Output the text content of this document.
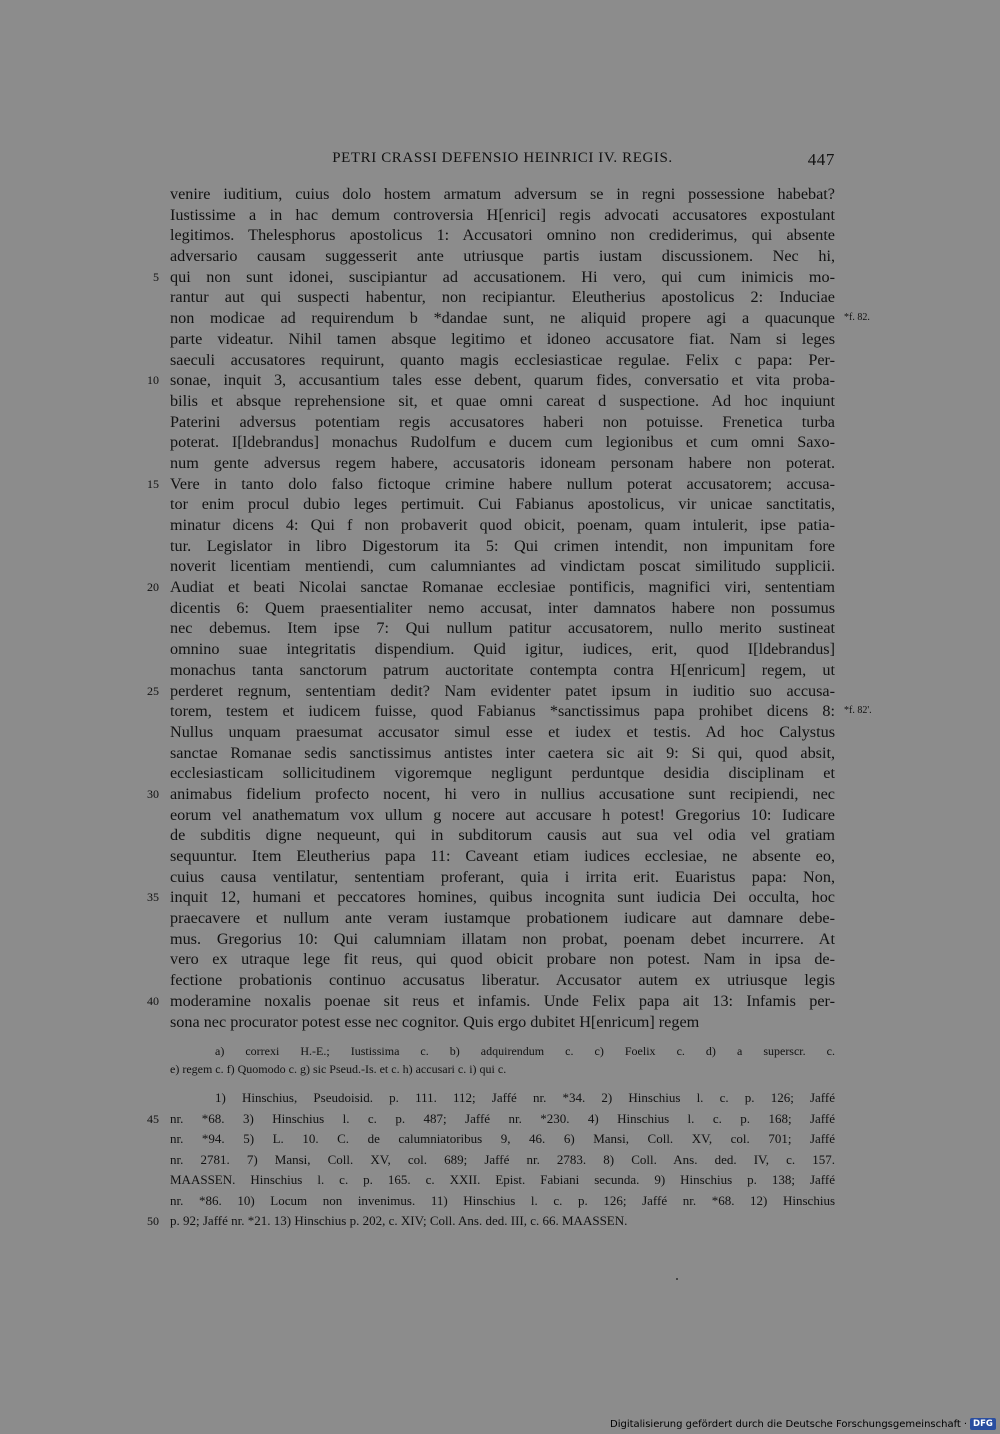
PETRI CRASSI DEFENSIO HEINRICI IV. REGIS.	447
venire iuditium, cuius dolo hostem armatum adversum se in regni possessione habebat?
Iustissime a in hac demum controversia H[enrici] regis advocati accusatores expostulant
legitimos. Thelesphorus apostolicus 1: Accusatori omnino non crediderimus, qui absente
adversario causam suggesserit ante utriusque partis iustam discussionem. Nec hi,
5 qui non sunt idonei, suscipiantur ad accusationem. Hi vero, qui cum inimicis mo-
rantur aut qui suspecti habentur, non recipiantur. Eleutherius apostolicus 2: Induciae
non modicae ad requirendum b *dandae sunt, ne aliquid propere agi a quacunque *f. 82.
parte videatur. Nihil tamen absque legitimo et idoneo accusatore fiat. Nam si leges
saeculi accusatores requirunt, quanto magis ecclesiasticae regulae. Felix c papa: Per-
10 sonae, inquit 3, accusantium tales esse debent, quarum fides, conversatio et vita proba-
bilis et absque reprehensione sit, et quae omni careat d suspectione. Ad hoc inquiunt
Paterini adversus potentiam regis accusatores haberi non potuisse. Frenetica turba
poterat. I[ldebrandus] monachus Rudolfum e ducem cum legionibus et cum omni Saxo-
num gente adversus regem habere, accusatoris idoneam personam habere non poterat.
15 Vere in tanto dolo falso fictoque crimine habere nullum poterat accusatorem; accusa-
tor enim procul dubio leges pertimuit. Cui Fabianus apostolicus, vir unicae sanctitatis,
minatur dicens 4: Qui f non probaverit quod obicit, poenam, quam intulerit, ipse patia-
tur. Legislator in libro Digestorum ita 5: Qui crimen intendit, non impunitam fore
noverit licentiam mentiendi, cum calumniantes ad vindictam poscat similitudo supplicii.
20 Audiat et beati Nicolai sanctae Romanae ecclesiae pontificis, magnifici viri, sententiam
dicentis 6: Quem praesentialiter nemo accusat, inter damnatos habere non possumus
nec debemus. Item ipse 7: Qui nullum patitur accusatorem, nullo merito sustineat
omnino suae integritatis dispendium. Quid igitur, iudices, erit, quod I[ldebrandus]
monachus tanta sanctorum patrum auctoritate contempta contra H[enricum] regem, ut
25 perderet regnum, sententiam dedit? Nam evidenter patet ipsum in iuditio suo accusa-
torem, testem et iudicem fuisse, quod Fabianus *sanctissimus papa prohibet dicens 8: *f. 82'.
Nullus unquam praesumat accusator simul esse et iudex et testis. Ad hoc Calystus
sanctae Romanae sedis sanctissimus antistes inter caetera sic ait 9: Si qui, quod absit,
ecclesiasticam sollicitudinem vigoremque negligunt perduntque desidia disciplinam et
30 animabus fidelium profecto nocent, hi vero in nullius accusatione sunt recipiendi, nec
eorum vel anathematum vox ullum g nocere aut accusare h potest! Gregorius 10: Iudicare
de subditis digne nequeunt, qui in subditorum causis aut sua vel odia vel gratiam
sequuntur. Item Eleutherius papa 11: Caveant etiam iudices ecclesiae, ne absente eo,
cuius causa ventilatur, sententiam proferant, quia i irrita erit. Euaristus papa: Non,
35 inquit 12, humani et peccatores homines, quibus incognita sunt iudicia Dei occulta, hoc
praecavere et nullum ante veram iustamque probationem iudicare aut damnare debe-
mus. Gregorius 10: Qui calumniam illatam non probat, poenam debet incurrere. At
vero ex utraque lege fit reus, qui quod obicit probare non potest. Nam in ipsa de-
fectione probationis continuo accusatus liberatur. Accusator autem ex utriusque legis
40 moderamine noxalis poenae sit reus et infamis. Unde Felix papa ait 13: Infamis per-
sona nec procurator potest esse nec cognitor. Quis ergo dubitet H[enricum] regem
a) correxi H.-E.; Iustissima c. b) adquirendum c. c) Foelix c. d) a superscr. c.
e) regem c. f) Quomodo c. g) sic Pseud.-Is. et c. h) accusari c. i) qui c.
1) Hinschius, Pseudoisid. p. 111. 112; Jaffé nr. *34. 2) Hinschius l. c. p. 126; Jaffé
45 nr. *68. 3) Hinschius l. c. p. 487; Jaffé nr. *230. 4) Hinschius l. c. p. 168; Jaffé
nr. *94. 5) L. 10. C. de calumniatoribus 9, 46. 6) Mansi, Coll. XV, col. 701; Jaffé
nr. 2781. 7) Mansi, Coll. XV, col. 689; Jaffé nr. 2783. 8) Coll. Ans. ded. IV, c. 157.
MAASSEN. Hinschius l. c. p. 165. c. XXII. Epist. Fabiani secunda. 9) Hinschius p. 138; Jaffé
nr. *86. 10) Locum non invenimus. 11) Hinschius l. c. p. 126; Jaffé nr. *68. 12) Hinschius
50 p. 92; Jaffé nr. *21. 13) Hinschius p. 202, c. XIV; Coll. Ans. ded. III, c. 66. MAASSEN.
Digitalisierung gefördert durch die Deutsche Forschungsgemeinschaft · DFG
